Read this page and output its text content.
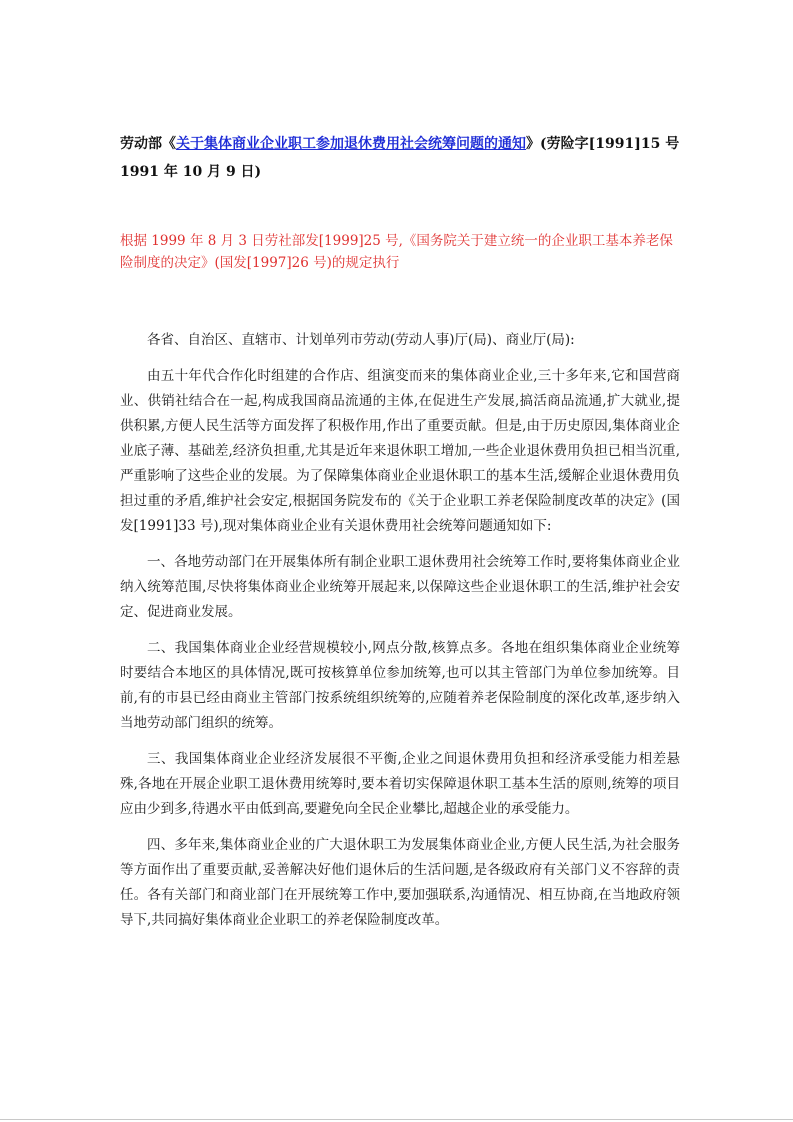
劳动部《关于集体商业企业职工参加退休费用社会统筹问题的通知》(劳险字[1991]15 号
1991 年 10 月 9 日)
根据 1999 年 8 月 3 日劳社部发[1999]25 号,《国务院关于建立统一的企业职工基本养老保险制度的决定》(国发[1997]26 号)的规定执行

各省、自治区、直辖市、计划单列市劳动(劳动人事)厅(局)、商业厅(局):

由五十年代合作化时组建的合作店、组演变而来的集体商业企业,三十多年来,它和国营商业、供销社结合在一起,构成我国商品流通的主体,在促进生产发展,搞活商品流通,扩大就业,提供积累,方便人民生活等方面发挥了积极作用,作出了重要贡献。但是,由于历史原因,集体商业企业底子薄、基础差,经济负担重,尤其是近年来退休职工增加,一些企业退休费用负担已相当沉重,严重影响了这些企业的发展。为了保障集体商业企业退休职工的基本生活,缓解企业退休费用负担过重的矛盾,维护社会安定,根据国务院发布的《关于企业职工养老保险制度改革的决定》(国发[1991]33 号),现对集体商业企业有关退休费用社会统筹问题通知如下:

一、各地劳动部门在开展集体所有制企业职工退休费用社会统筹工作时,要将集体商业企业纳入统筹范围,尽快将集体商业企业统筹开展起来,以保障这些企业退休职工的生活,维护社会安定、促进商业发展。

二、我国集体商业企业经营规模较小,网点分散,核算点多。各地在组织集体商业企业统筹时要结合本地区的具体情况,既可按核算单位参加统筹,也可以其主管部门为单位参加统筹。目前,有的市县已经由商业主管部门按系统组织统筹的,应随着养老保险制度的深化改革,逐步纳入当地劳动部门组织的统筹。

三、我国集体商业企业经济发展很不平衡,企业之间退休费用负担和经济承受能力相差悬殊,各地在开展企业职工退休费用统筹时,要本着切实保障退休职工基本生活的原则,统筹的项目应由少到多,待遇水平由低到高,要避免向全民企业攀比,超越企业的承受能力。

四、多年来,集体商业企业的广大退休职工为发展集体商业企业,方便人民生活,为社会服务等方面作出了重要贡献,妥善解决好他们退休后的生活问题,是各级政府有关部门义不容辞的责任。各有关部门和商业部门在开展统筹工作中,要加强联系,沟通情况、相互协商,在当地政府领导下,共同搞好集体商业企业职工的养老保险制度改革。
